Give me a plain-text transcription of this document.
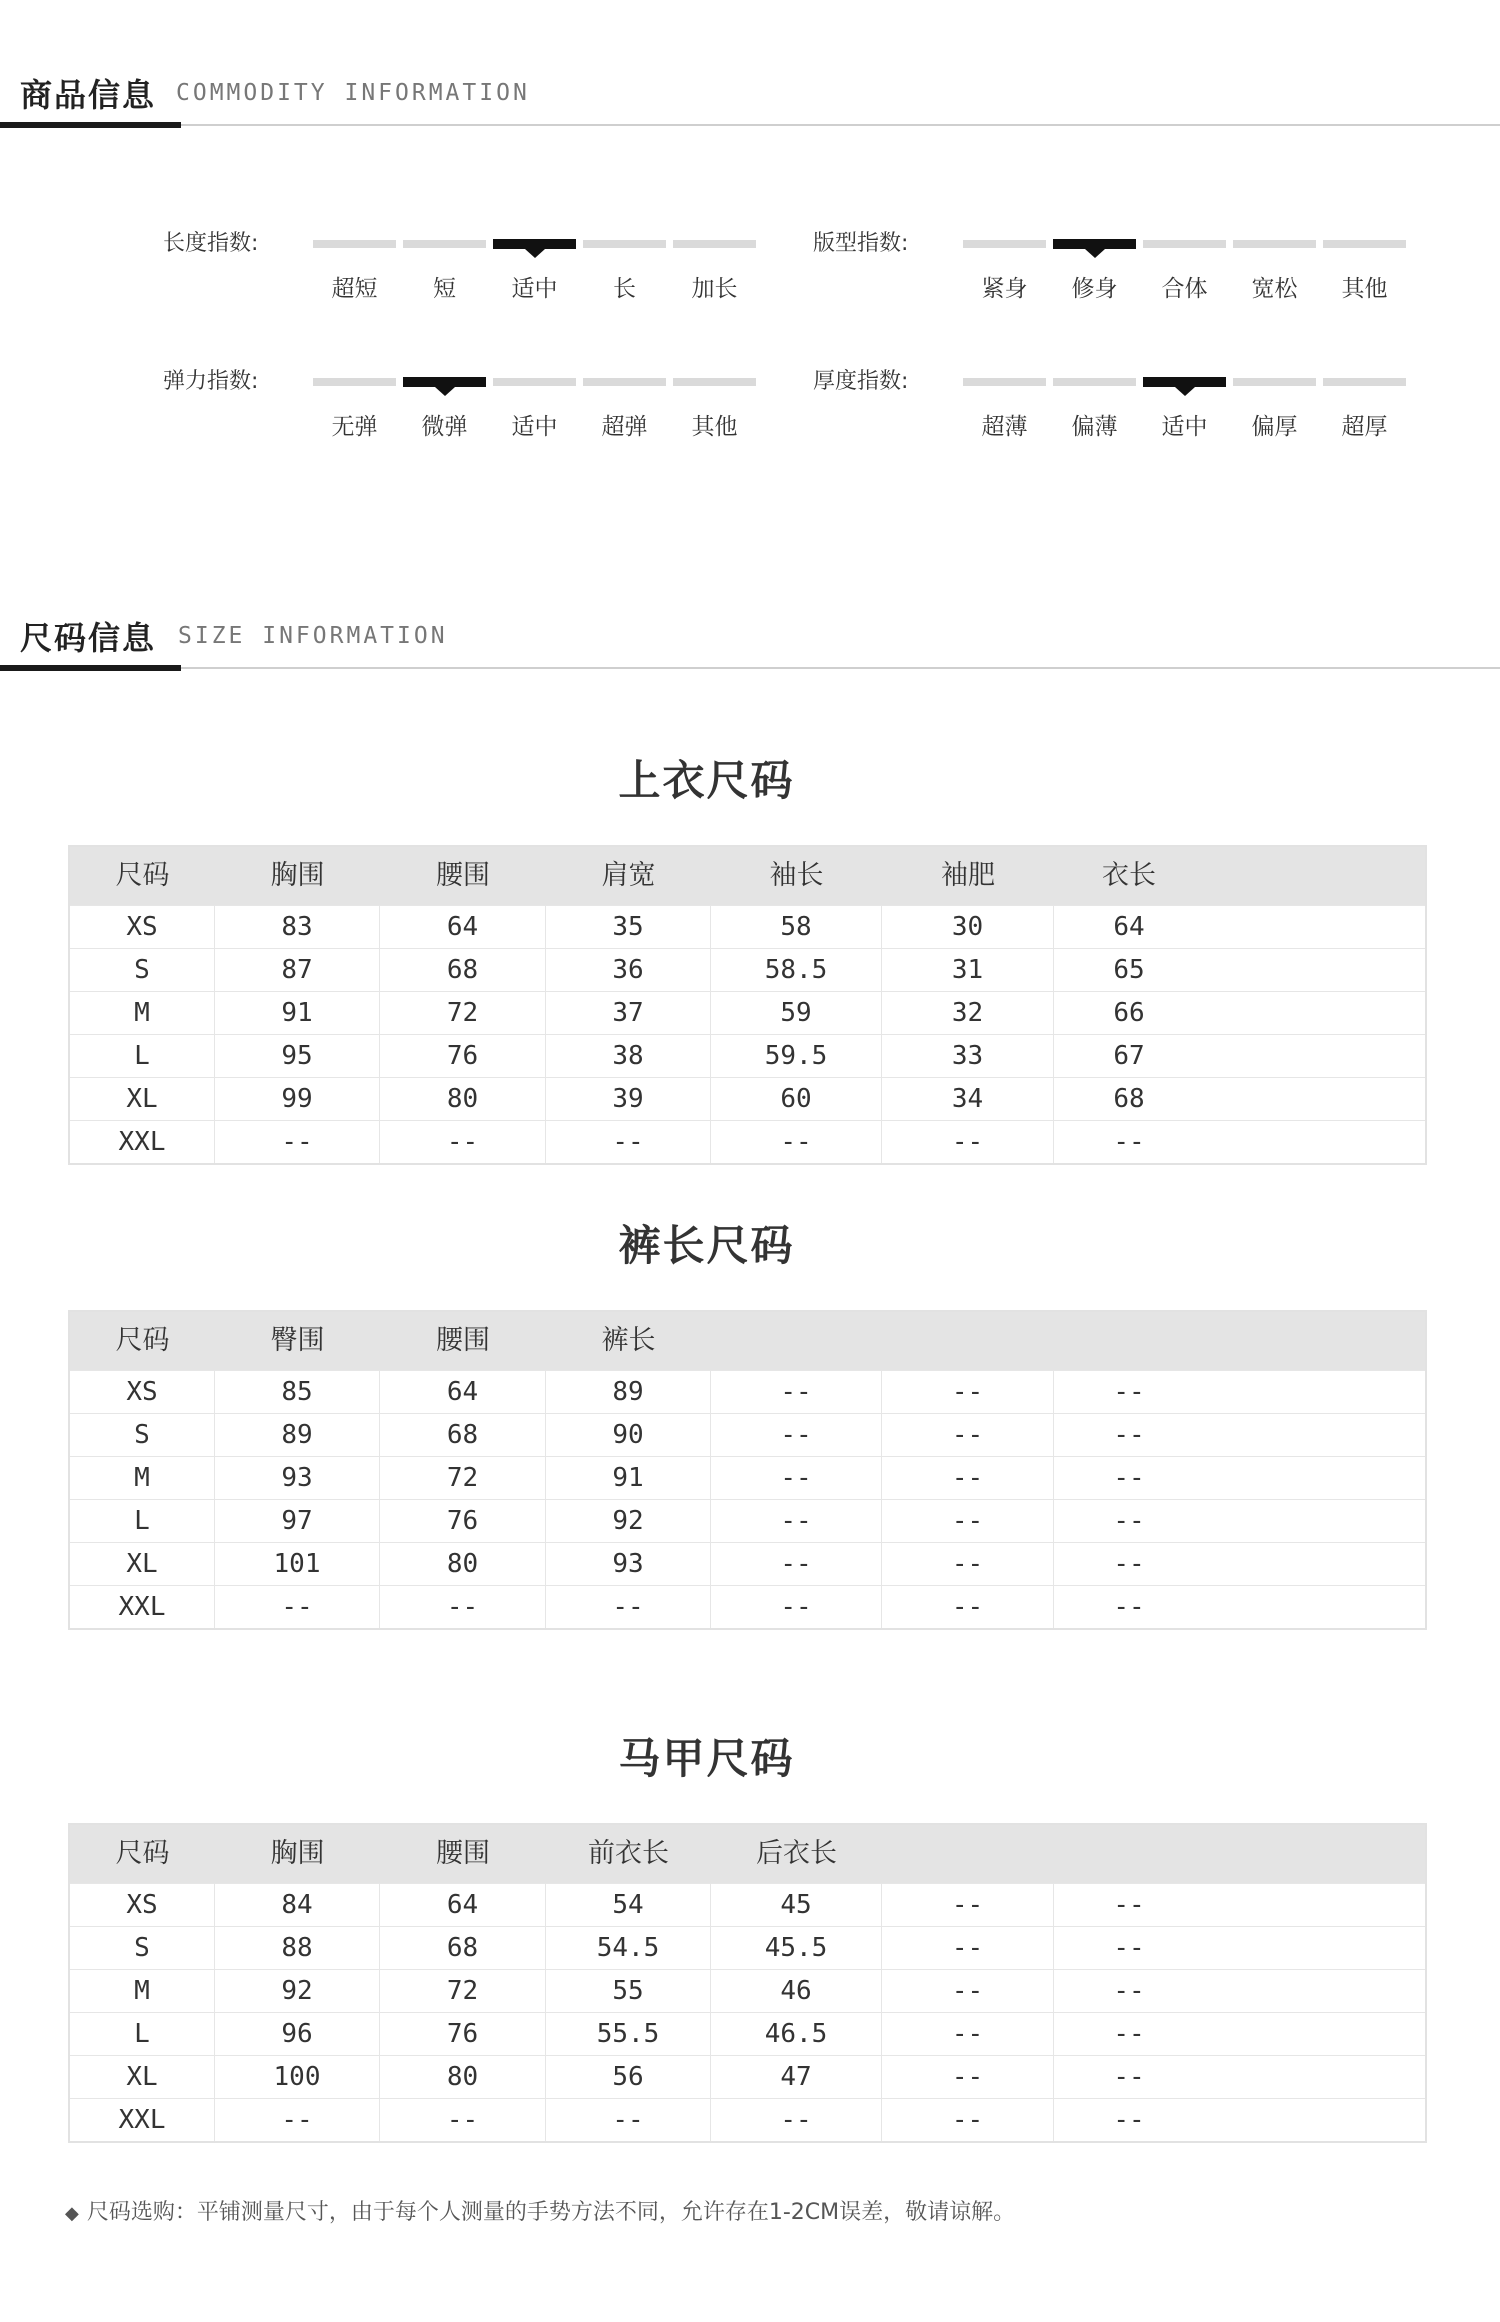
商品信息 COMMODITY INFORMATION
长度指数:
超短	短	适中	长	加长
版型指数:
紧身	修身	合体	宽松	其他
弹力指数:
无弹	微弹	适中	超弹	其他
厚度指数:
超薄	偏薄	适中	偏厚	超厚
尺码信息 SIZE INFORMATION
上衣尺码
尺码	胸围	腰围	肩宽	袖长	袖肥	衣长
XS	83	64	35	58	30	64
S	87	68	36	58.5	31	65
M	91	72	37	59	32	66
L	95	76	38	59.5	33	67
XL	99	80	39	60	34	68
XXL	--	--	--	--	--	--
裤长尺码
尺码	臀围	腰围	裤长
XS	85	64	89	--	--	--
S	89	68	90	--	--	--
M	93	72	91	--	--	--
L	97	76	92	--	--	--
XL	101	80	93	--	--	--
XXL	--	--	--	--	--	--
马甲尺码
尺码	胸围	腰围	前衣长	后衣长
XS	84	64	54	45	--	--
S	88	68	54.5	45.5	--	--
M	92	72	55	46	--	--
L	96	76	55.5	46.5	--	--
XL	100	80	56	47	--	--
XXL	--	--	--	--	--	--
◆ 尺码选购：平铺测量尺寸，由于每个人测量的手势方法不同，允许存在1-2CM误差，敬请谅解。
